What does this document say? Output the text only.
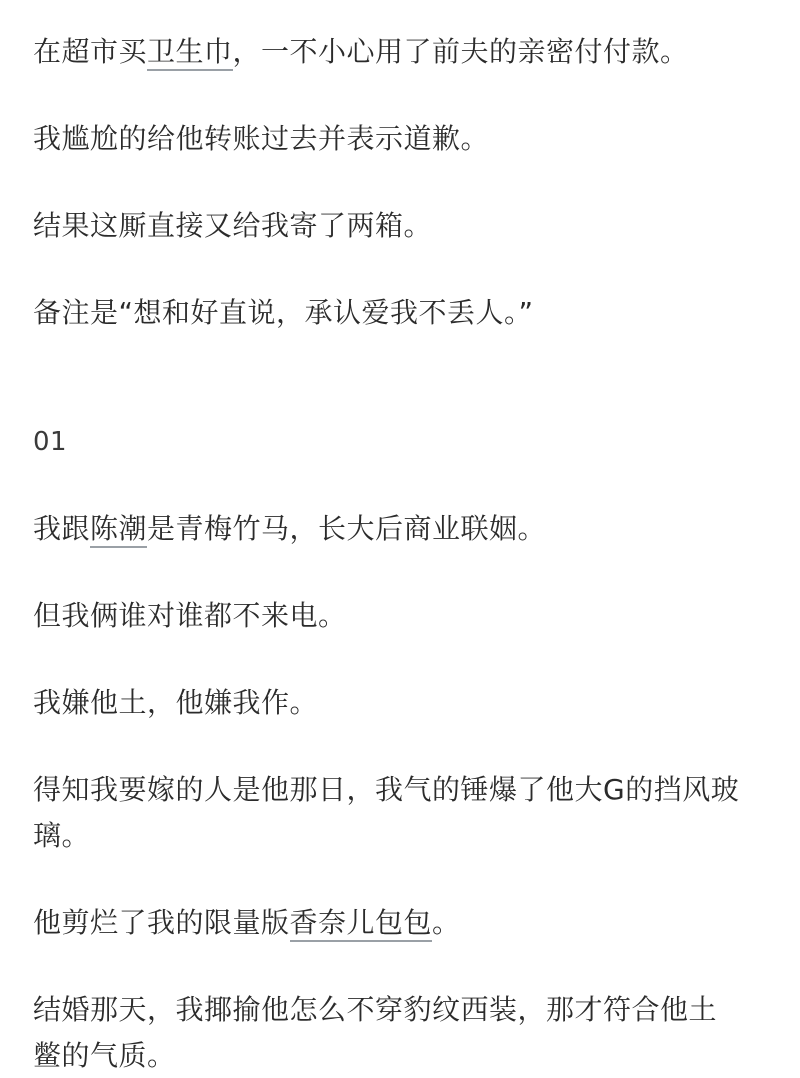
在超市买卫生巾，一不小心用了前夫的亲密付付款。

我尴尬的给他转账过去并表示道歉。

结果这厮直接又给我寄了两箱。

备注是“想和好直说，承认爱我不丢人。”

01

我跟陈潮是青梅竹马，长大后商业联姻。

但我俩谁对谁都不来电。

我嫌他土，他嫌我作。

得知我要嫁的人是他那日，我气的锤爆了他大G的挡风玻

璃。

他剪烂了我的限量版香奈儿包包。

结婚那天，我揶揄他怎么不穿豹纹西装，那才符合他土

鳖的气质。
